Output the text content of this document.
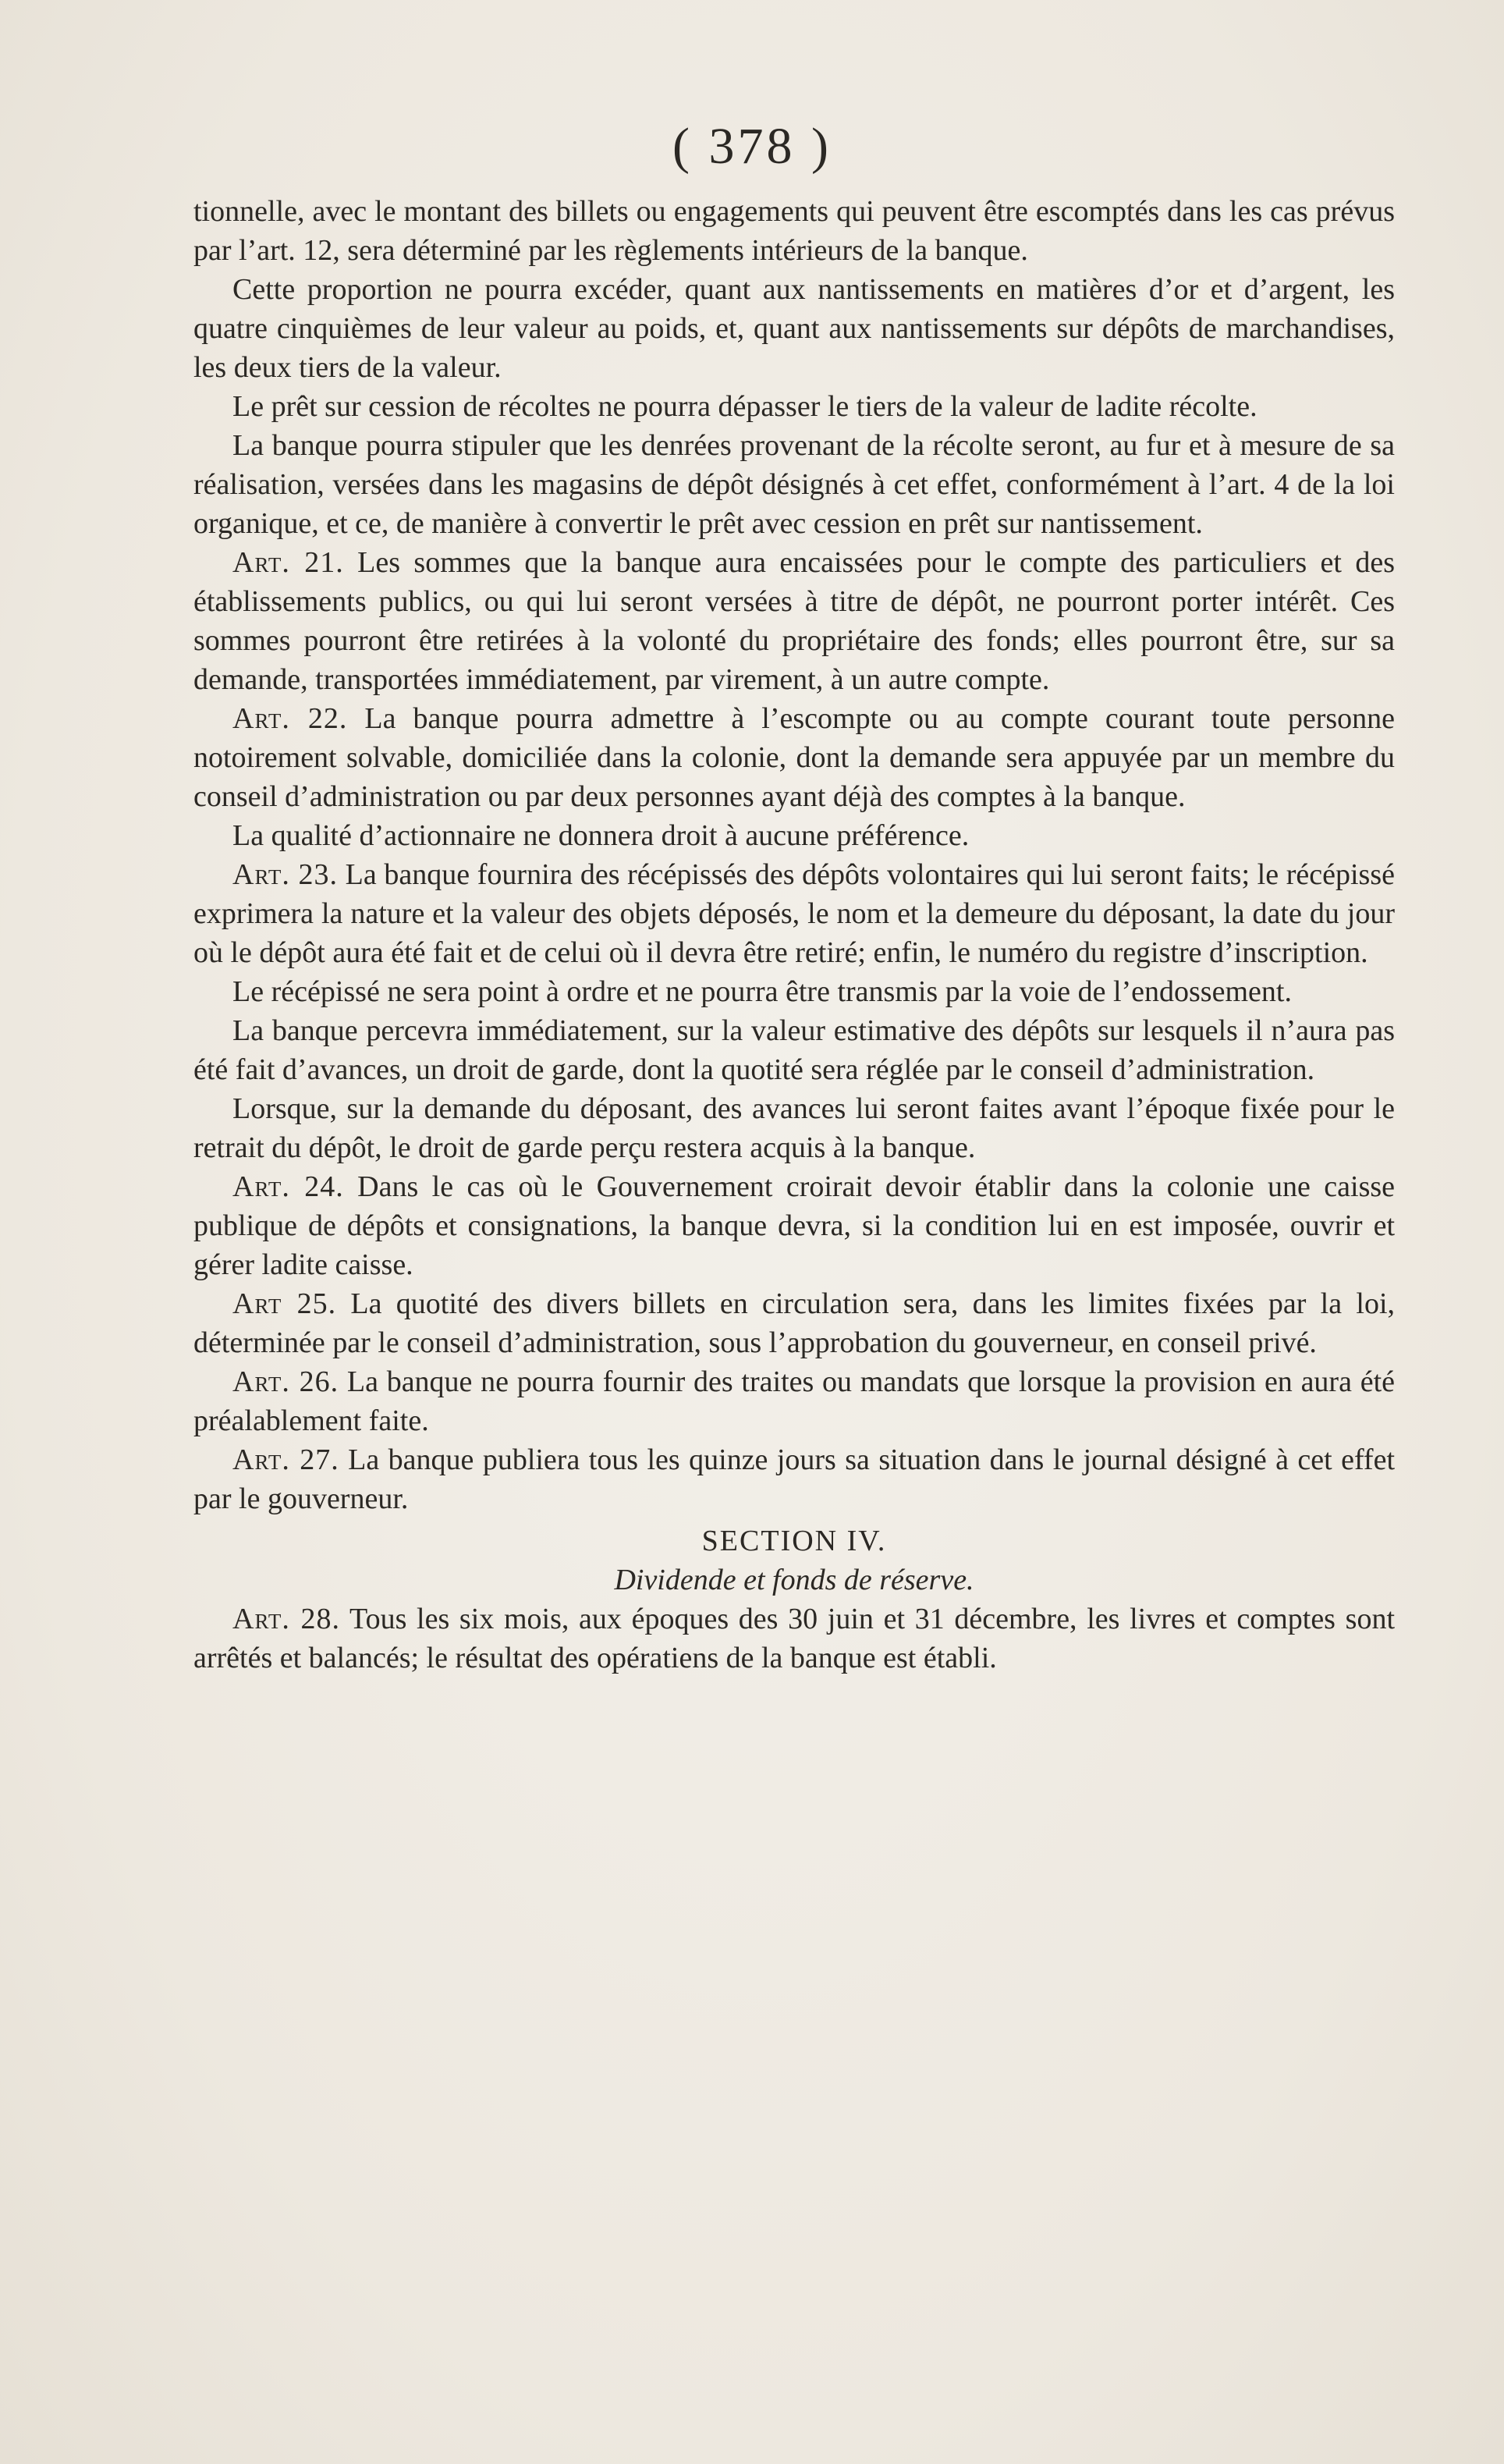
( 378 )

tionnelle, avec le montant des billets ou engagements qui peuvent être escomptés dans les cas prévus par l’art. 12, sera déterminé par les règlements intérieurs de la banque.

Cette proportion ne pourra excéder, quant aux nantissements en matières d’or et d’argent, les quatre cinquièmes de leur valeur au poids, et, quant aux nantissements sur dépôts de marchandises, les deux tiers de la valeur.

Le prêt sur cession de récoltes ne pourra dépasser le tiers de la valeur de ladite récolte.

La banque pourra stipuler que les denrées provenant de la récolte seront, au fur et à mesure de sa réalisation, versées dans les magasins de dépôt désignés à cet effet, conformément à l’art. 4 de la loi organique, et ce, de manière à convertir le prêt avec cession en prêt sur nantissement.

Art. 21. Les sommes que la banque aura encaissées pour le compte des particuliers et des établissements publics, ou qui lui seront versées à titre de dépôt, ne pourront porter intérêt. Ces sommes pourront être retirées à la volonté du propriétaire des fonds; elles pourront être, sur sa demande, transportées immédiatement, par virement, à un autre compte.

Art. 22. La banque pourra admettre à l’escompte ou au compte courant toute personne notoirement solvable, domiciliée dans la colonie, dont la demande sera appuyée par un membre du conseil d’administration ou par deux personnes ayant déjà des comptes à la banque.

La qualité d’actionnaire ne donnera droit à aucune préférence.

Art. 23. La banque fournira des récépissés des dépôts volontaires qui lui seront faits; le récépissé exprimera la nature et la valeur des objets déposés, le nom et la demeure du déposant, la date du jour où le dépôt aura été fait et de celui où il devra être retiré; enfin, le numéro du registre d’inscription.

Le récépissé ne sera point à ordre et ne pourra être transmis par la voie de l’endossement.

La banque percevra immédiatement, sur la valeur estimative des dépôts sur lesquels il n’aura pas été fait d’avances, un droit de garde, dont la quotité sera réglée par le conseil d’administration.

Lorsque, sur la demande du déposant, des avances lui seront faites avant l’époque fixée pour le retrait du dépôt, le droit de garde perçu restera acquis à la banque.

Art. 24. Dans le cas où le Gouvernement croirait devoir établir dans la colonie une caisse publique de dépôts et consignations, la banque devra, si la condition lui en est imposée, ouvrir et gérer ladite caisse.

Art 25. La quotité des divers billets en circulation sera, dans les limites fixées par la loi, déterminée par le conseil d’administration, sous l’approbation du gouverneur, en conseil privé.

Art. 26. La banque ne pourra fournir des traites ou mandats que lorsque la provision en aura été préalablement faite.

Art. 27. La banque publiera tous les quinze jours sa situation dans le journal désigné à cet effet par le gouverneur.

SECTION IV.
Dividende et fonds de réserve.

Art. 28. Tous les six mois, aux époques des 30 juin et 31 décembre, les livres et comptes sont arrêtés et balancés; le résultat des opératiens de la banque est établi.
